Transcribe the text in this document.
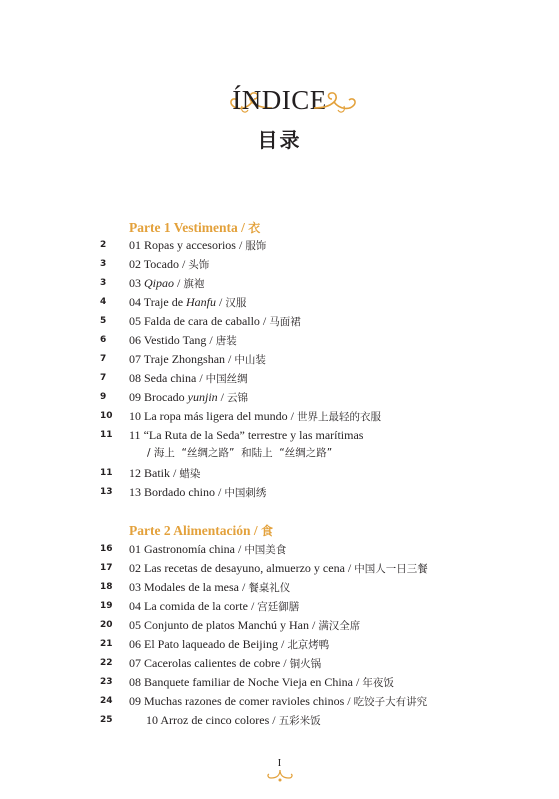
ÍNDICE
目录
Parte 1 Vestimenta / 衣
2	01 Ropas y accesorios / 服饰
3	02 Tocado / 头饰
3	03 Qipao / 旗袍
4	04 Traje de Hanfu / 汉服
5	05 Falda de cara de caballo / 马面裙
6	06 Vestido Tang / 唐装
7	07 Traje Zhongshan / 中山装
7	08 Seda china / 中国丝绸
9	09 Brocado yunjin / 云锦
10 10 La ropa más ligera del mundo / 世界上最轻的衣服
11 11 “La Ruta de la Seda” terrestre y las marítimas
/ 海上  “丝绸之路”  和陆上  “丝绸之路”
11 12 Batik / 蜡染
13 13 Bordado chino / 中国刺绣
Parte 2 Alimentación / 食
16 01 Gastronomía china / 中国美食
17 02 Las recetas de desayuno, almuerzo y cena / 中国人一日三餐
18 03 Modales de la mesa / 餐桌礼仪
19 04 La comida de la corte / 宫廷御膳
20 05 Conjunto de platos Manchú y Han / 满汉全席
21 06 El Pato laqueado de Beijing / 北京烤鸭
22 07 Cacerolas calientes de cobre / 铜火锅
23 08 Banquete familiar de Noche Vieja en China / 年夜饭
24 09 Muchas razones de comer ravioles chinos / 吃饺子大有讲究
25	10 Arroz de cinco colores / 五彩米饭
I
